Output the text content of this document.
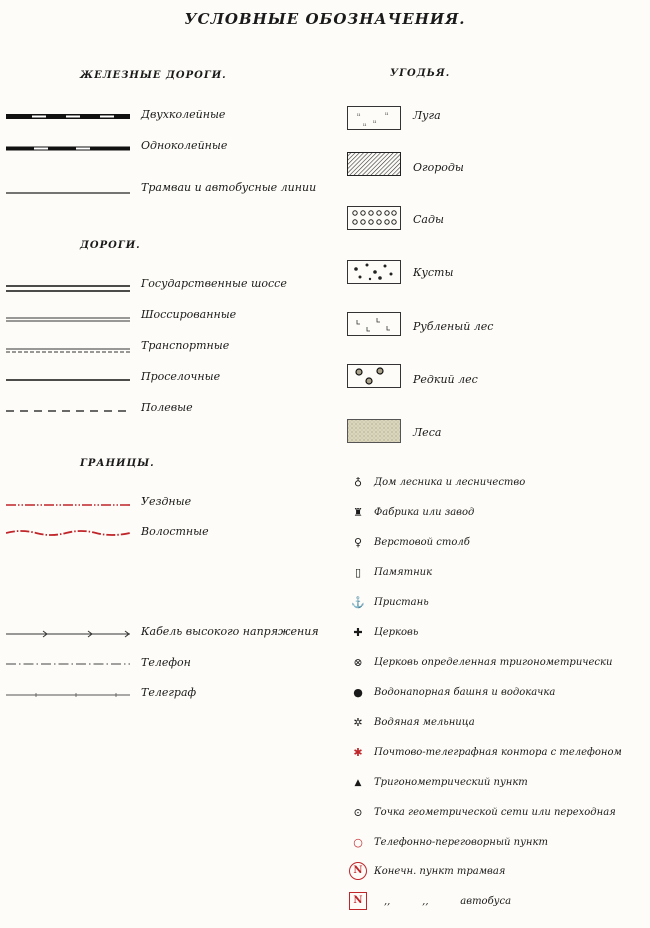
УСЛОВНЫЕ ОБОЗНАЧЕНИЯ.
ЖЕЛЕЗНЫЕ ДОРОГИ.
Двухколейные
Одноколейные
Трамваи и автобусные линии
ДОРОГИ.
Государственные шоссе
Шоссированные
Транспортные
Проселочные
Полевые
ГРАНИЦЫ.
Уездные
Волостные
Кабель высокого напряжения
Телефон
Телеграф
УГОДЬЯ.
ıı
ıı
ıı
ıı
Луга
Огороды
Сады
Кусты
Рубленый лес
Редкий лес
Леса
♁ Дом лесника и лесничество
♜ Фабрика или завод
♀ Верстовой столб
▯	Памятник
⚓ Пристань
✚ Церковь
⊗ Церковь определенная тригонометрически
● Водонапорная башня и водокачка
✲ Водяная мельница
✱ Почтово-телеграфная контора с телефоном
▲	Тригонометрический пункт
⊙ Точка геометрической сети или переходная
○ Телефонно-переговорный пункт
N	Конечн. пункт трамвая
N	,,          ,,          автобуса
